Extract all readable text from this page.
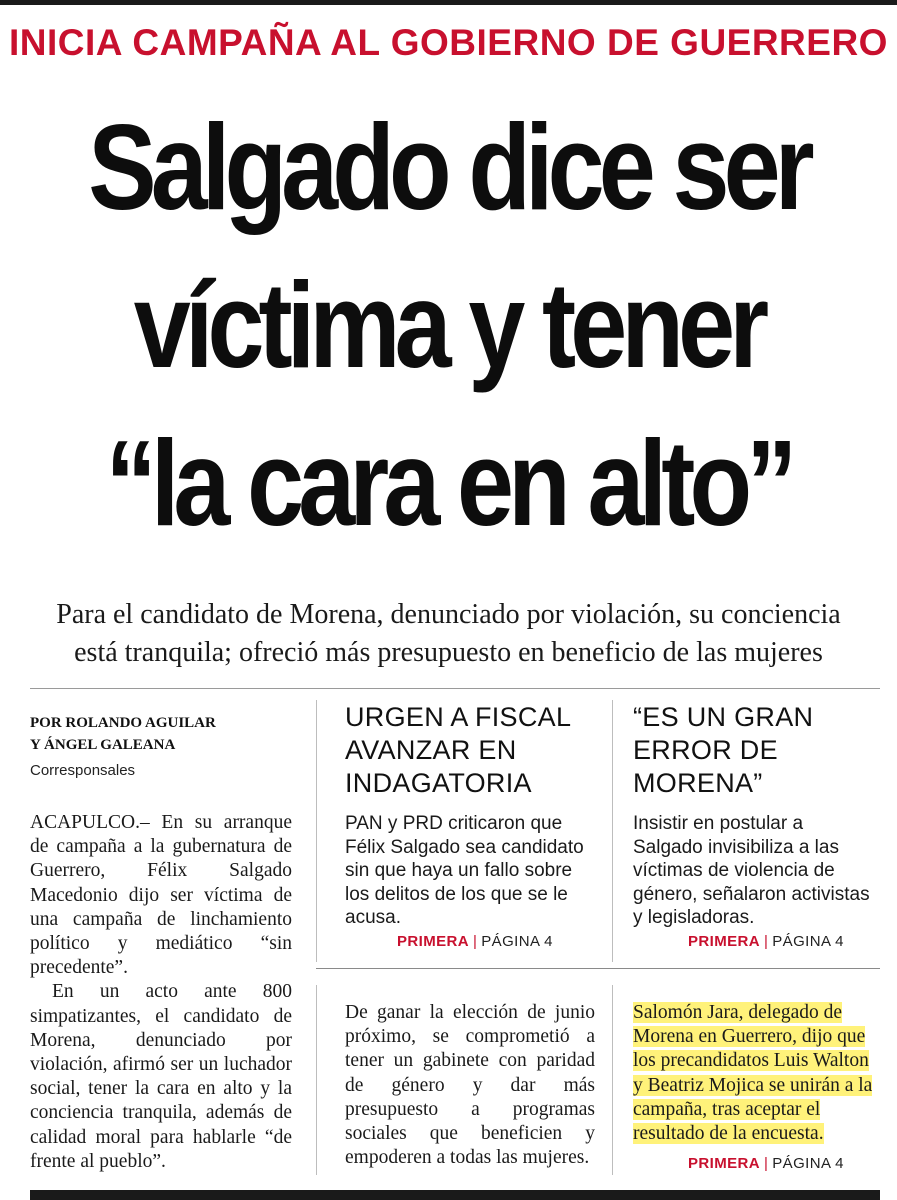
INICIA CAMPAÑA AL GOBIERNO DE GUERRERO
Salgado dice ser
víctima y tener
“la cara en alto”
Para el candidato de Morena, denunciado por violación, su conciencia
está tranquila; ofreció más presupuesto en beneficio de las mujeres
POR ROLANDO AGUILAR
Y ÁNGEL GALEANA
Corresponsales

ACAPULCO.– En su arranque de campaña a la gubernatura de Guerrero, Félix Salgado Macedonio dijo ser víctima de una campaña de linchamiento político y mediático “sin precedente”.

En un acto ante 800 simpatizantes, el candidato de Morena, denunciado por violación, afirmó ser un luchador social, tener la cara en alto y la conciencia tranquila, además de calidad moral para hablarle “de frente al pueblo”.

URGEN A FISCAL
AVANZAR EN
INDAGATORIA
PAN y PRD criticaron que Félix Salgado sea candidato sin que haya un fallo sobre los delitos de los que se le acusa.
PRIMERA | PÁGINA 4
“ES UN GRAN
ERROR DE
MORENA”
Insistir en postular a Salgado invisibiliza a las víctimas de violencia de género, señalaron activistas y legisladoras.
PRIMERA | PÁGINA 4

De ganar la elección de junio próximo, se comprometió a tener un gabinete con paridad de género y dar más presupuesto a programas sociales que beneficien y empoderen a todas las mujeres.

Salomón Jara, delegado de Morena en Guerrero, dijo que los precandidatos Luis Walton y Beatriz Mojica se unirán a la campaña, tras aceptar el resultado de la encuesta.
PRIMERA | PÁGINA 4
